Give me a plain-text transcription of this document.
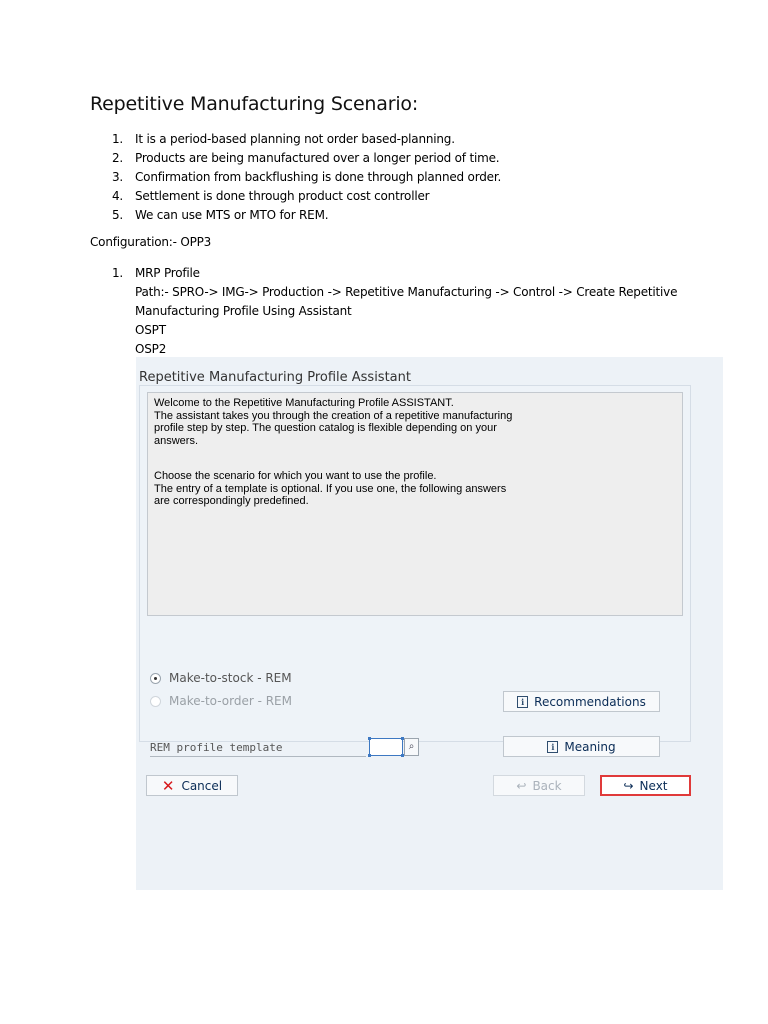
Repetitive Manufacturing Scenario:
1. It is a period-based planning not order based-planning.
2. Products are being manufactured over a longer period of time.
3. Confirmation from backflushing is done through planned order.
4. Settlement is done through product cost controller
5. We can use MTS or MTO for REM.
Configuration:- OPP3
1. MRP Profile
Path:- SPRO-> IMG-> Production -> Repetitive Manufacturing -> Control -> Create Repetitive
Manufacturing Profile Using Assistant
OSPT
OSP2
Repetitive Manufacturing Profile Assistant

Welcome to the Repetitive Manufacturing Profile ASSISTANT.
The assistant takes you through the creation of a repetitive manufacturing
profile step by step. The question catalog is flexible depending on your
answers.

Choose the scenario for which you want to use the profile.
The entry of a template is optional. If you use one, the following answers
are correspondingly predefined.

Make-to-stock - REM
Make-to-order - REM	i Recommendations
REM profile template	⌕	i Meaning
✕ Cancel	↩ Back	↪ Next
